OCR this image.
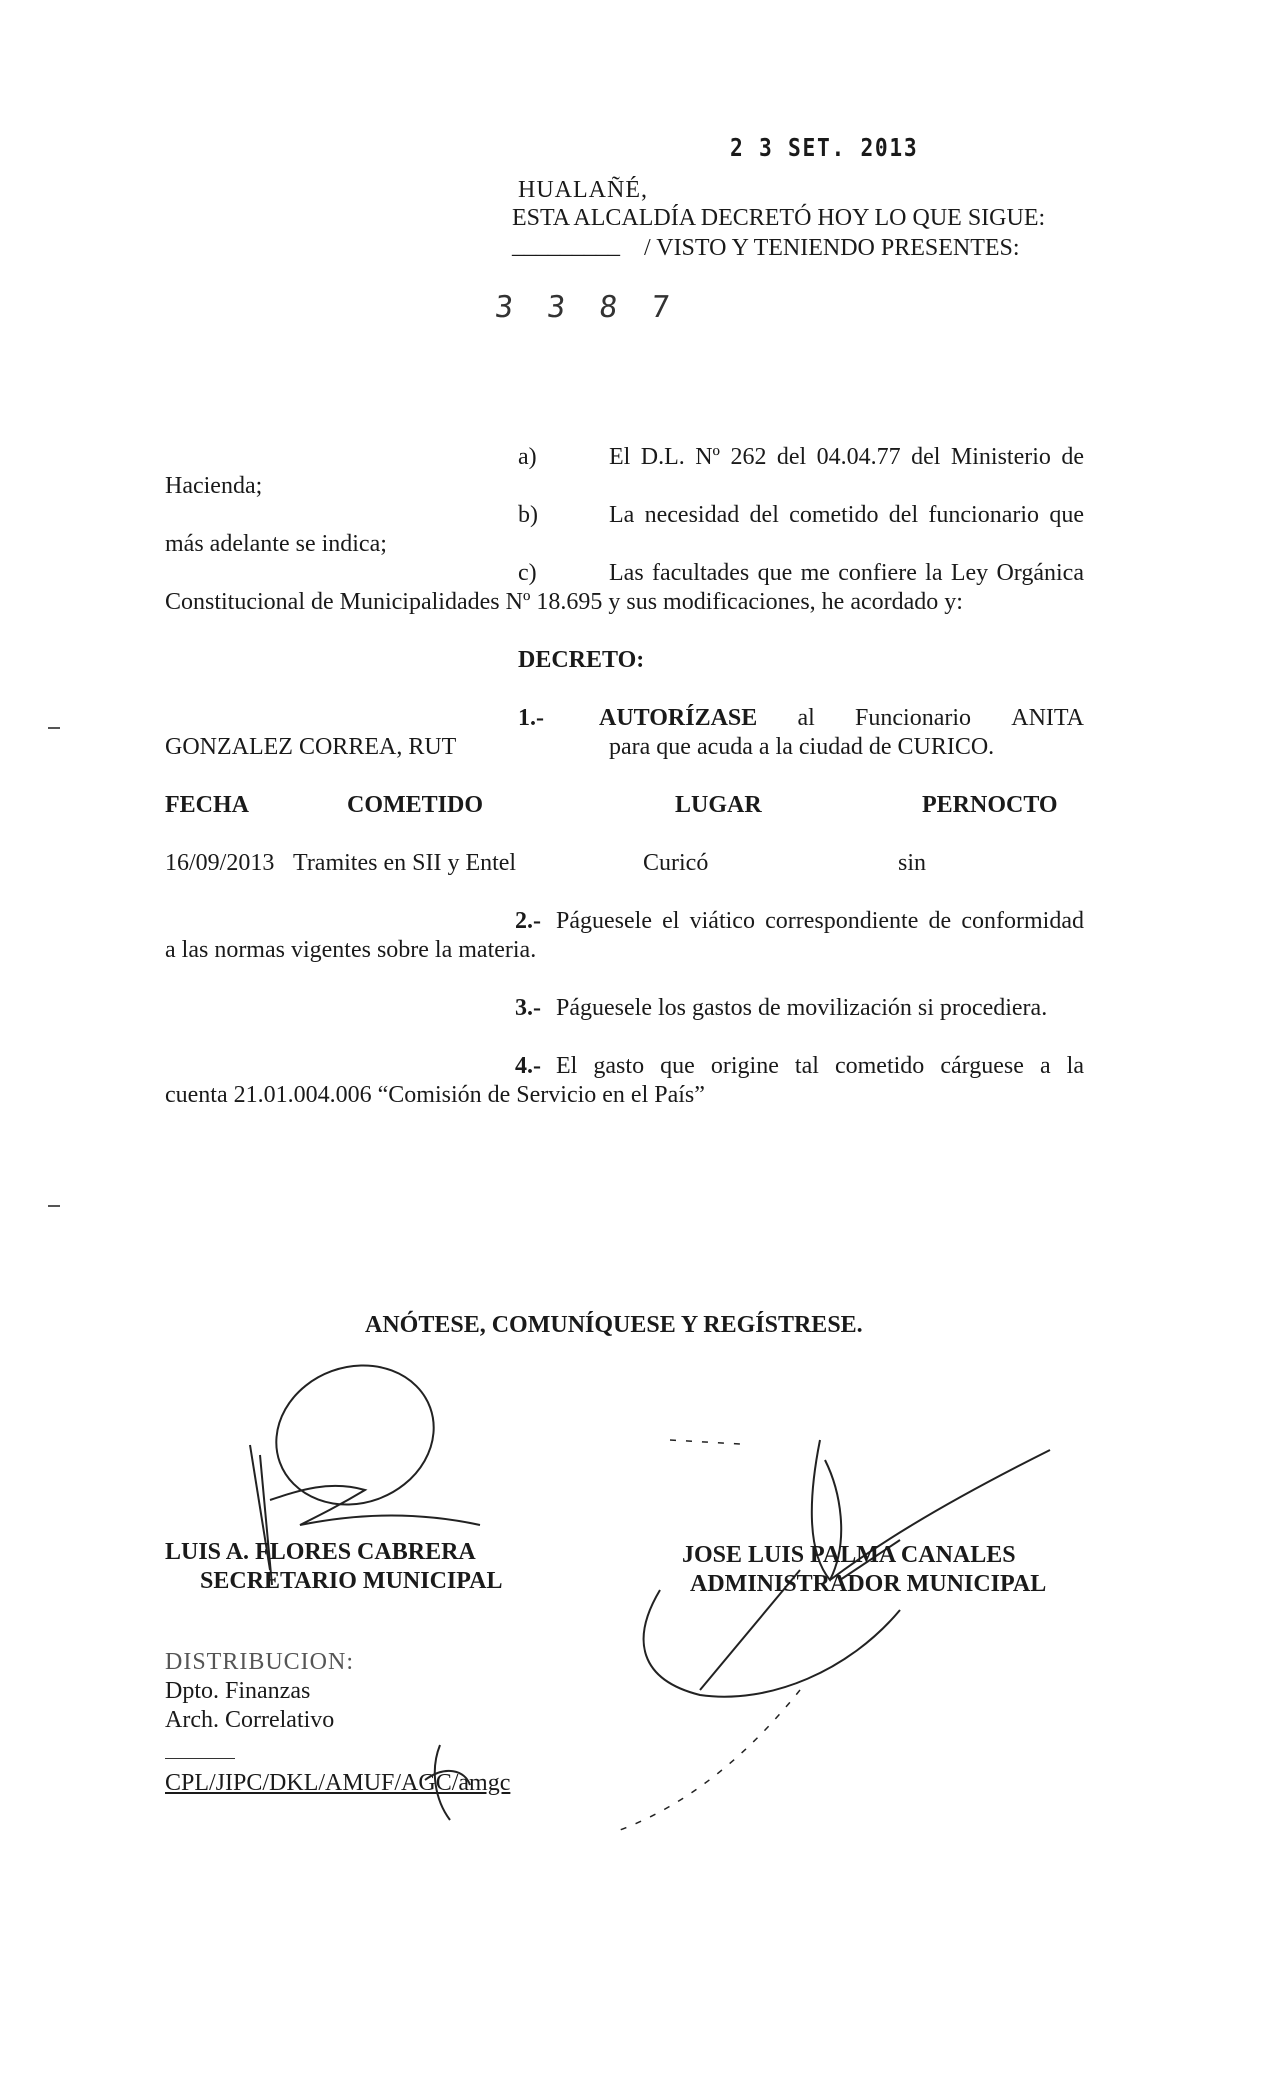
2 3 SET. 2013
3 3 8 7
HUALAÑÉ,
ESTA ALCALDÍA DECRETÓ HOY LO QUE SIGUE:
_________ / VISTO Y TENIENDO PRESENTES:
a)	El D.L. Nº 262 del 04.04.77 del Ministerio de
Hacienda;
b)	La necesidad del cometido del funcionario que
más adelante se indica;
c)	Las facultades que me confiere la Ley Orgánica
Constitucional de Municipalidades Nº 18.695 y sus modificaciones, he acordado y:
DECRETO:
1.- AUTORÍZASE al Funcionario ANITA
GONZALEZ CORREA, RUT	para que acuda a la ciudad de CURICO.
FECHA	COMETIDO	LUGAR	PERNOCTO
16/09/2013 Tramites en SII y Entel	Curicó	sin
2.- Páguesele el viático correspondiente de conformidad
a las normas vigentes sobre la materia.
3.- Páguesele los gastos de movilización si procediera.
4.- El gasto que origine tal cometido cárguese a la
cuenta 21.01.004.006 “Comisión de Servicio en el País”
ANÓTESE, COMUNÍQUESE Y REGÍSTRESE.
LUIS A. FLORES CABRERA
SECRETARIO MUNICIPAL
JOSE LUIS PALMA CANALES
ADMINISTRADOR MUNICIPAL
DISTRIBUCION:
Dpto. Finanzas
Arch. Correlativo
CPL/JIPC/DKL/AMUF/AGC/amgc
